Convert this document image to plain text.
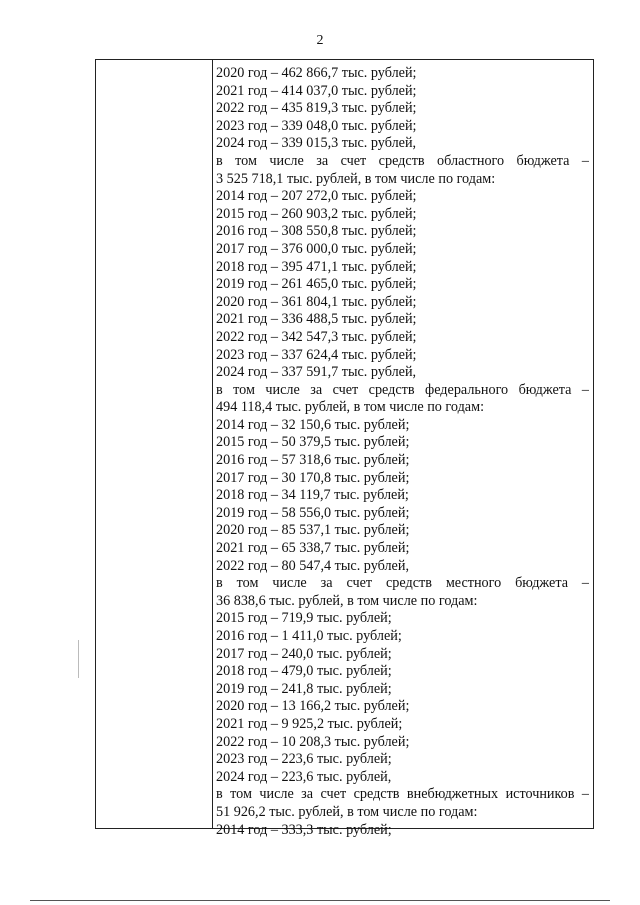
2
2020 год – 462 866,7 тыс. рублей;
2021 год – 414 037,0 тыс. рублей;
2022 год – 435 819,3 тыс. рублей;
2023 год – 339 048,0 тыс. рублей;
2024 год – 339 015,3 тыс. рублей,
в том числе за счет средств областного бюджета –
3 525 718,1 тыс. рублей, в том числе по годам:
2014 год – 207 272,0 тыс. рублей;
2015 год – 260 903,2 тыс. рублей;
2016 год – 308 550,8 тыс. рублей;
2017 год – 376 000,0 тыс. рублей;
2018 год – 395 471,1 тыс. рублей;
2019 год – 261 465,0 тыс. рублей;
2020 год – 361 804,1 тыс. рублей;
2021 год – 336 488,5 тыс. рублей;
2022 год – 342 547,3 тыс. рублей;
2023 год – 337 624,4 тыс. рублей;
2024 год – 337 591,7 тыс. рублей,
в том числе за счет средств федерального бюджета –
494 118,4 тыс. рублей, в том числе по годам:
2014 год – 32 150,6 тыс. рублей;
2015 год – 50 379,5 тыс. рублей;
2016 год – 57 318,6 тыс. рублей;
2017 год – 30 170,8 тыс. рублей;
2018 год – 34 119,7 тыс. рублей;
2019 год – 58 556,0 тыс. рублей;
2020 год – 85 537,1 тыс. рублей;
2021 год – 65 338,7 тыс. рублей;
2022 год – 80 547,4 тыс. рублей,
в том числе за счет средств местного бюджета –
36 838,6 тыс. рублей, в том числе по годам:
2015 год – 719,9 тыс. рублей;
2016 год – 1 411,0 тыс. рублей;
2017 год – 240,0 тыс. рублей;
2018 год – 479,0 тыс. рублей;
2019 год – 241,8 тыс. рублей;
2020 год – 13 166,2 тыс. рублей;
2021 год – 9 925,2 тыс. рублей;
2022 год – 10 208,3 тыс. рублей;
2023 год – 223,6 тыс. рублей;
2024 год – 223,6 тыс. рублей,
в том числе за счет средств внебюджетных источников –
51 926,2 тыс. рублей, в том числе по годам:
2014 год – 333,3 тыс. рублей;
